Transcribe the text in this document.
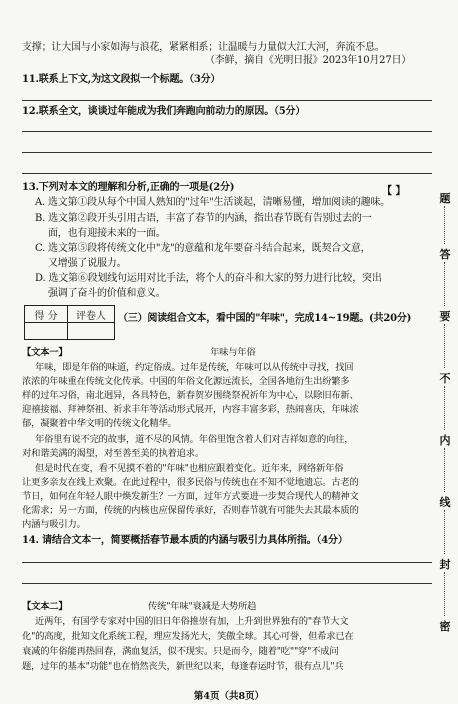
支撑；让大国与小家如海与浪花，紧紧相系；让温暖与力量似大江大河，奔流不息。
（李鲜，摘自《光明日报》2023年10月27日）
11.联系上下文,为这文段拟一个标题。（3分）
12.联系全文，谈谈过年能成为我们奔跑向前动力的原因。（5分）
13.下列对本文的理解和分析,正确的一项是(2分)	【 】
A. 选文第①段从每个中国人熟知的"过年"生活谈起，清晰易懂，增加阅读的趣味。
B. 选文第②段开头引用古语，丰富了春节的内涵，指出春节既有告别过去的一
面，也有迎接未来的一面。
C. 选文第⑤段将传统文化中"龙"的意蕴和龙年要奋斗结合起来，既契合文意，
又增强了说服力。
D. 选文第⑥段划线句运用对比手法，将个人的奋斗和大家的努力进行比较，突出
强调了奋斗的价值和意义。
得 分	评卷人
	（三）阅读组合文本，看中国的"年味"，完成14~19题。(共20分)
【文本一】	年味与年俗
年味，即是年俗的味道，约定俗成。过年是传统，年味可以从传统中寻找，找回
浓浓的年味重在传统文化传承。中国的年俗文化源远流长，全国各地衍生出纷繁多
样的过年习俗，南北迥异，各具特色，新春贺岁围绕祭祝祈年为中心，以除旧布新、
迎禧接福、拜神祭祖、祈求丰年等活动形式展开，内容丰富多彩，热闹喜庆，年味浓
郁，凝聚着中华文明的传统文化精华。
年俗里有说不完的故事，道不尽的风情。年俗里饱含着人们对吉祥如意的向往，
对和谐美满的渴望，对至善至美的执着追求。
但是时代在变，看不见摸不着的"年味"也相应跟着变化。近年来，网络新年俗
让更多亲友在线上欢聚。在此过程中，很多民俗与传统也在不知不觉地遗忘。古老的
节日，如何在年轻人眼中焕发新生？一方面，过年方式要进一步契合现代人的精神文
化需求；另一方面，传统的内核也应保留传承好，否则春节就有可能失去其最本质的
内涵与吸引力。
14. 请结合文本一，简要概括春节最本质的内涵与吸引力具体所指。（4分）
【文本二】	传统"年味"衰减是大势所趋
近两年，有国学专家对中国的旧日年俗推崇有加，上升到世界独有的"春节大文
化"的高度，批知文化系统工程，理应发扬光大，笑傲全球。其心可誉，但希求已在
衰减的年俗能再热回春，满血复活，似不现实。只是而今，随着"吃""穿"不成问
题，过年的基本"功能"也在悄然丧失，新世纪以来，每逢春运时节，很有点儿"兵
第4页（共8页）
题
答
要
不
内
线
封
密
